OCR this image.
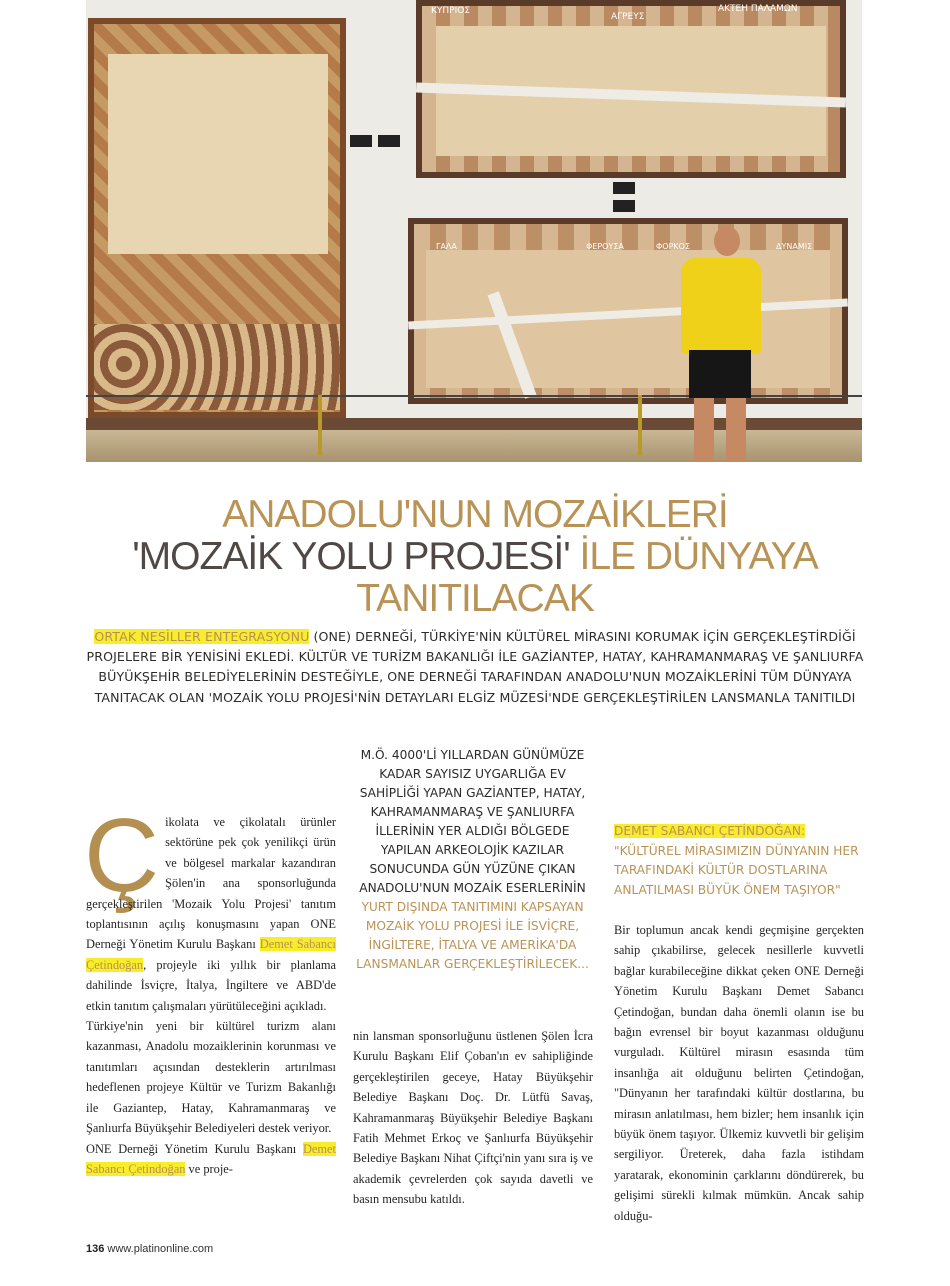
ΚΥΠΡΙΟΣ
ΑΓΡΕΥΣ
ΑΚΤΕΗ ΠΑΛΑΜΩΝ
ΓΑΛΑ	ΦΕΡΟΥΣΑ	ΦΟΡΚΟΣ	ΔΥΝΑΜΙΣ
ANADOLU'NUN MOZAİKLERİ
'MOZAİK YOLU PROJESİ' İLE DÜNYAYA
TANITILACAK
ORTAK NESİLLER ENTEGRASYONU (ONE) DERNEĞİ, TÜRKİYE'NİN KÜLTÜREL MİRASINI KORUMAK İÇİN GERÇEKLEŞTİRDİĞİ PROJELERE BİR YENİSİNİ EKLEDİ. KÜLTÜR VE TURİZM BAKANLIĞI İLE GAZİANTEP, HATAY, KAHRAMANMARAŞ VE ŞANLIURFA BÜYÜKŞEHİR BELEDİYELERİNİN DESTEĞİYLE, ONE DERNEĞİ TARAFINDAN ANADOLU'NUN MOZAİKLERİNİ TÜM DÜNYAYA TANITACAK OLAN 'MOZAİK YOLU PROJESİ'NİN DETAYLARI ELGİZ MÜZESİ'NDE GERÇEKLEŞTİRİLEN LANSMANLA TANITILDI

Çikolata ve çikolatalı ürünler sektörüne pek çok yenilikçi ürün ve bölgesel markalar kazandıran Şölen'in ana sponsorluğunda gerçekleştirilen 'Mozaik Yolu Projesi' tanıtım toplantısının açılış konuşmasını yapan ONE Derneği Yönetim Kurulu Başkanı Demet Sabancı Çetindoğan, projeyle iki yıllık bir planlama dahilinde İsviçre, İtalya, İngiltere ve ABD'de etkin tanıtım çalışmaları yürütüleceğini açıkladı.

Türkiye'nin yeni bir kültürel turizm alanı kazanması, Anadolu mozaiklerinin korunması ve tanıtımları açısından desteklerin artırılması hedeflenen projeye Kültür ve Turizm Bakanlığı ile Gaziantep, Hatay, Kahramanmaraş ve Şanlıurfa Büyükşehir Belediyeleri destek veriyor.

ONE Derneği Yönetim Kurulu Başkanı Demet Sabancı Çetindoğan ve proje-

M.Ö. 4000'Lİ YILLARDAN GÜNÜMÜZE KADAR SAYISIZ UYGARLIĞA EV SAHİPLİĞİ YAPAN GAZİANTEP, HATAY, KAHRAMANMARAŞ VE ŞANLIURFA İLLERİNİN YER ALDIĞI BÖLGEDE YAPILAN ARKEOLOJİK KAZILAR SONUCUNDA GÜN YÜZÜNE ÇIKAN ANADOLU'NUN MOZAİK ESERLERİNİN YURT DIŞINDA TANITIMINI KAPSAYAN MOZAİK YOLU PROJESİ İLE İSVİÇRE, İNGİLTERE, İTALYA VE AMERİKA'DA LANSMANLAR GERÇEKLEŞTİRİLECEK...

nin lansman sponsorluğunu üstlenen Şölen İcra Kurulu Başkanı Elif Çoban'ın ev sahipliğinde gerçekleştirilen geceye, Hatay Büyükşehir Belediye Başkanı Doç. Dr. Lütfü Savaş, Kahramanmaraş Büyükşehir Belediye Başkanı Fatih Mehmet Erkoç ve Şanlıurfa Büyükşehir Belediye Başkanı Nihat Çiftçi'nin yanı sıra iş ve akademik çevrelerden çok sayıda davetli ve basın mensubu katıldı.

DEMET SABANCI ÇETİNDOĞAN:
"KÜLTÜREL MİRASIMIZIN DÜNYANIN HER TARAFINDAKİ KÜLTÜR DOSTLARINA ANLATILMASI BÜYÜK ÖNEM TAŞIYOR"

Bir toplumun ancak kendi geçmişine gerçekten sahip çıkabilirse, gelecek nesillerle kuvvetli bağlar kurabileceğine dikkat çeken ONE Derneği Yönetim Kurulu Başkanı Demet Sabancı Çetindoğan, bundan daha önemli olanın ise bu bağın evrensel bir boyut kazanması olduğunu vurguladı. Kültürel mirasın esasında tüm insanlığa ait olduğunu belirten Çetindoğan, "Dünyanın her tarafındaki kültür dostlarına, bu mirasın anlatılması, hem bizler; hem insanlık için büyük önem taşıyor. Ülkemiz kuvvetli bir gelişim sergiliyor. Üreterek, daha fazla istihdam yaratarak, ekonominin çarklarını döndürerek, bu gelişimi sürekli kılmak mümkün. Ancak sahip olduğu-

136 www.platinonline.com
